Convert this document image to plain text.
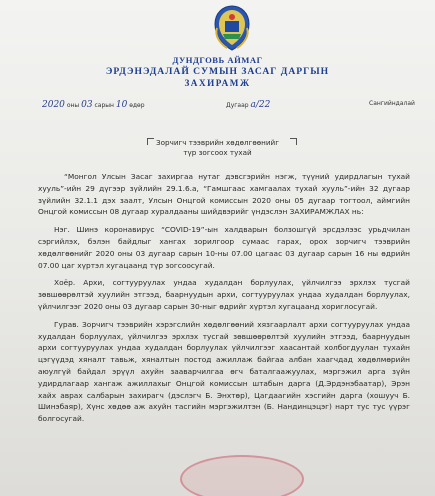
ДУНДГОВЬ АЙМАГ
ЭРДЭНЭДАЛАЙ СУМЫН ЗАСАГ ДАРГЫН
ЗАХИРАМЖ
2020 оны 03 сарын 10 өдөр	Дугаар а/22	Сангийндалай
Зорчигч тээврийн хөдөлгөөнийг
түр зогсоох тухай

“Монгол Улсын Засаг захиргаа нутаг дэвсгэрийн нэгж, түүний удирдлагын тухай хууль”-ийн 29 дүгээр зүйлийн 29.1.6.а, “Гамшгаас хамгаалах тухай хууль”-ийн 32 дугаар зүйлийн 32.1.1 дэх заалт, Улсын Онцгой комиссын 2020 оны 05 дугаар тогтоол, аймгийн Онцгой комиссын 08 дугаар хуралдааны шийдвэрийг үндэслэн ЗАХИРАМЖЛАХ нь:

Нэг. Шинэ коронавирус “COVID-19”-ын халдварын болзошгүй эрсдэлээс урьдчилан сэргийлэх, бэлэн байдлыг хангах зорилгоор сумаас гарах, орох зорчигч тээврийн хөдөлгөөнийг 2020 оны 03 дугаар сарын 10-ны 07.00 цагаас 03 дугаар сарын 16 ны өдрийн 07.00 цаг хүртэл хугацаанд түр зогсоосугай.

Хоёр. Архи, согтууруулах ундаа худалдан борлуулах, үйлчилгээ эрхлэх тусгай зөвшөөрөлтэй хуулийн этгээд, баарнуудын архи, согтууруулах ундаа худалдан борлуулах, үйлчилгээг 2020 оны 03 дугаар сарын 30-ныг өдрийг хүртэл хугацаанд хориглосугай.

Гурав. Зорчигч тээврийн хэрэгслийн хөдөлгөөний хязгаарлалт архи согтууруулах ундаа худалдан борлуулах, үйлчилгээ эрхлэх тусгай зөвшөөрөлтэй хуулийн этгээд, баарнуудын архи согтууруулах ундаа худалдан борлуулах үйлчилгээг хаасантай холбогдуулан тухайн цэгүүдэд хяналт тавьж, хяналтын постод ажиллаж байгаа албан хаагчдад хөдөлмөрийн аюулгүй байдал эрүүл ахуйн зааварчилгаа өгч баталгаажуулах, мэргэжил арга зүйн удирдлагаар хангаж ажиллахыг Онцгой комиссын штабын дарга (Д.Эрдэнэбаатар), Эрэн хайх аврах салбарын захирагч (дэслэгч Б. Энхтөр), Цагдаагийн хэсгийн дарга (хошууч Б. Шинэбаяр), Хүнс хөдөө аж ахуйн тасгийн мэргэжилтэн (Б. Нандинцэцэг) нарт тус тус үүрэг болгосугай.
